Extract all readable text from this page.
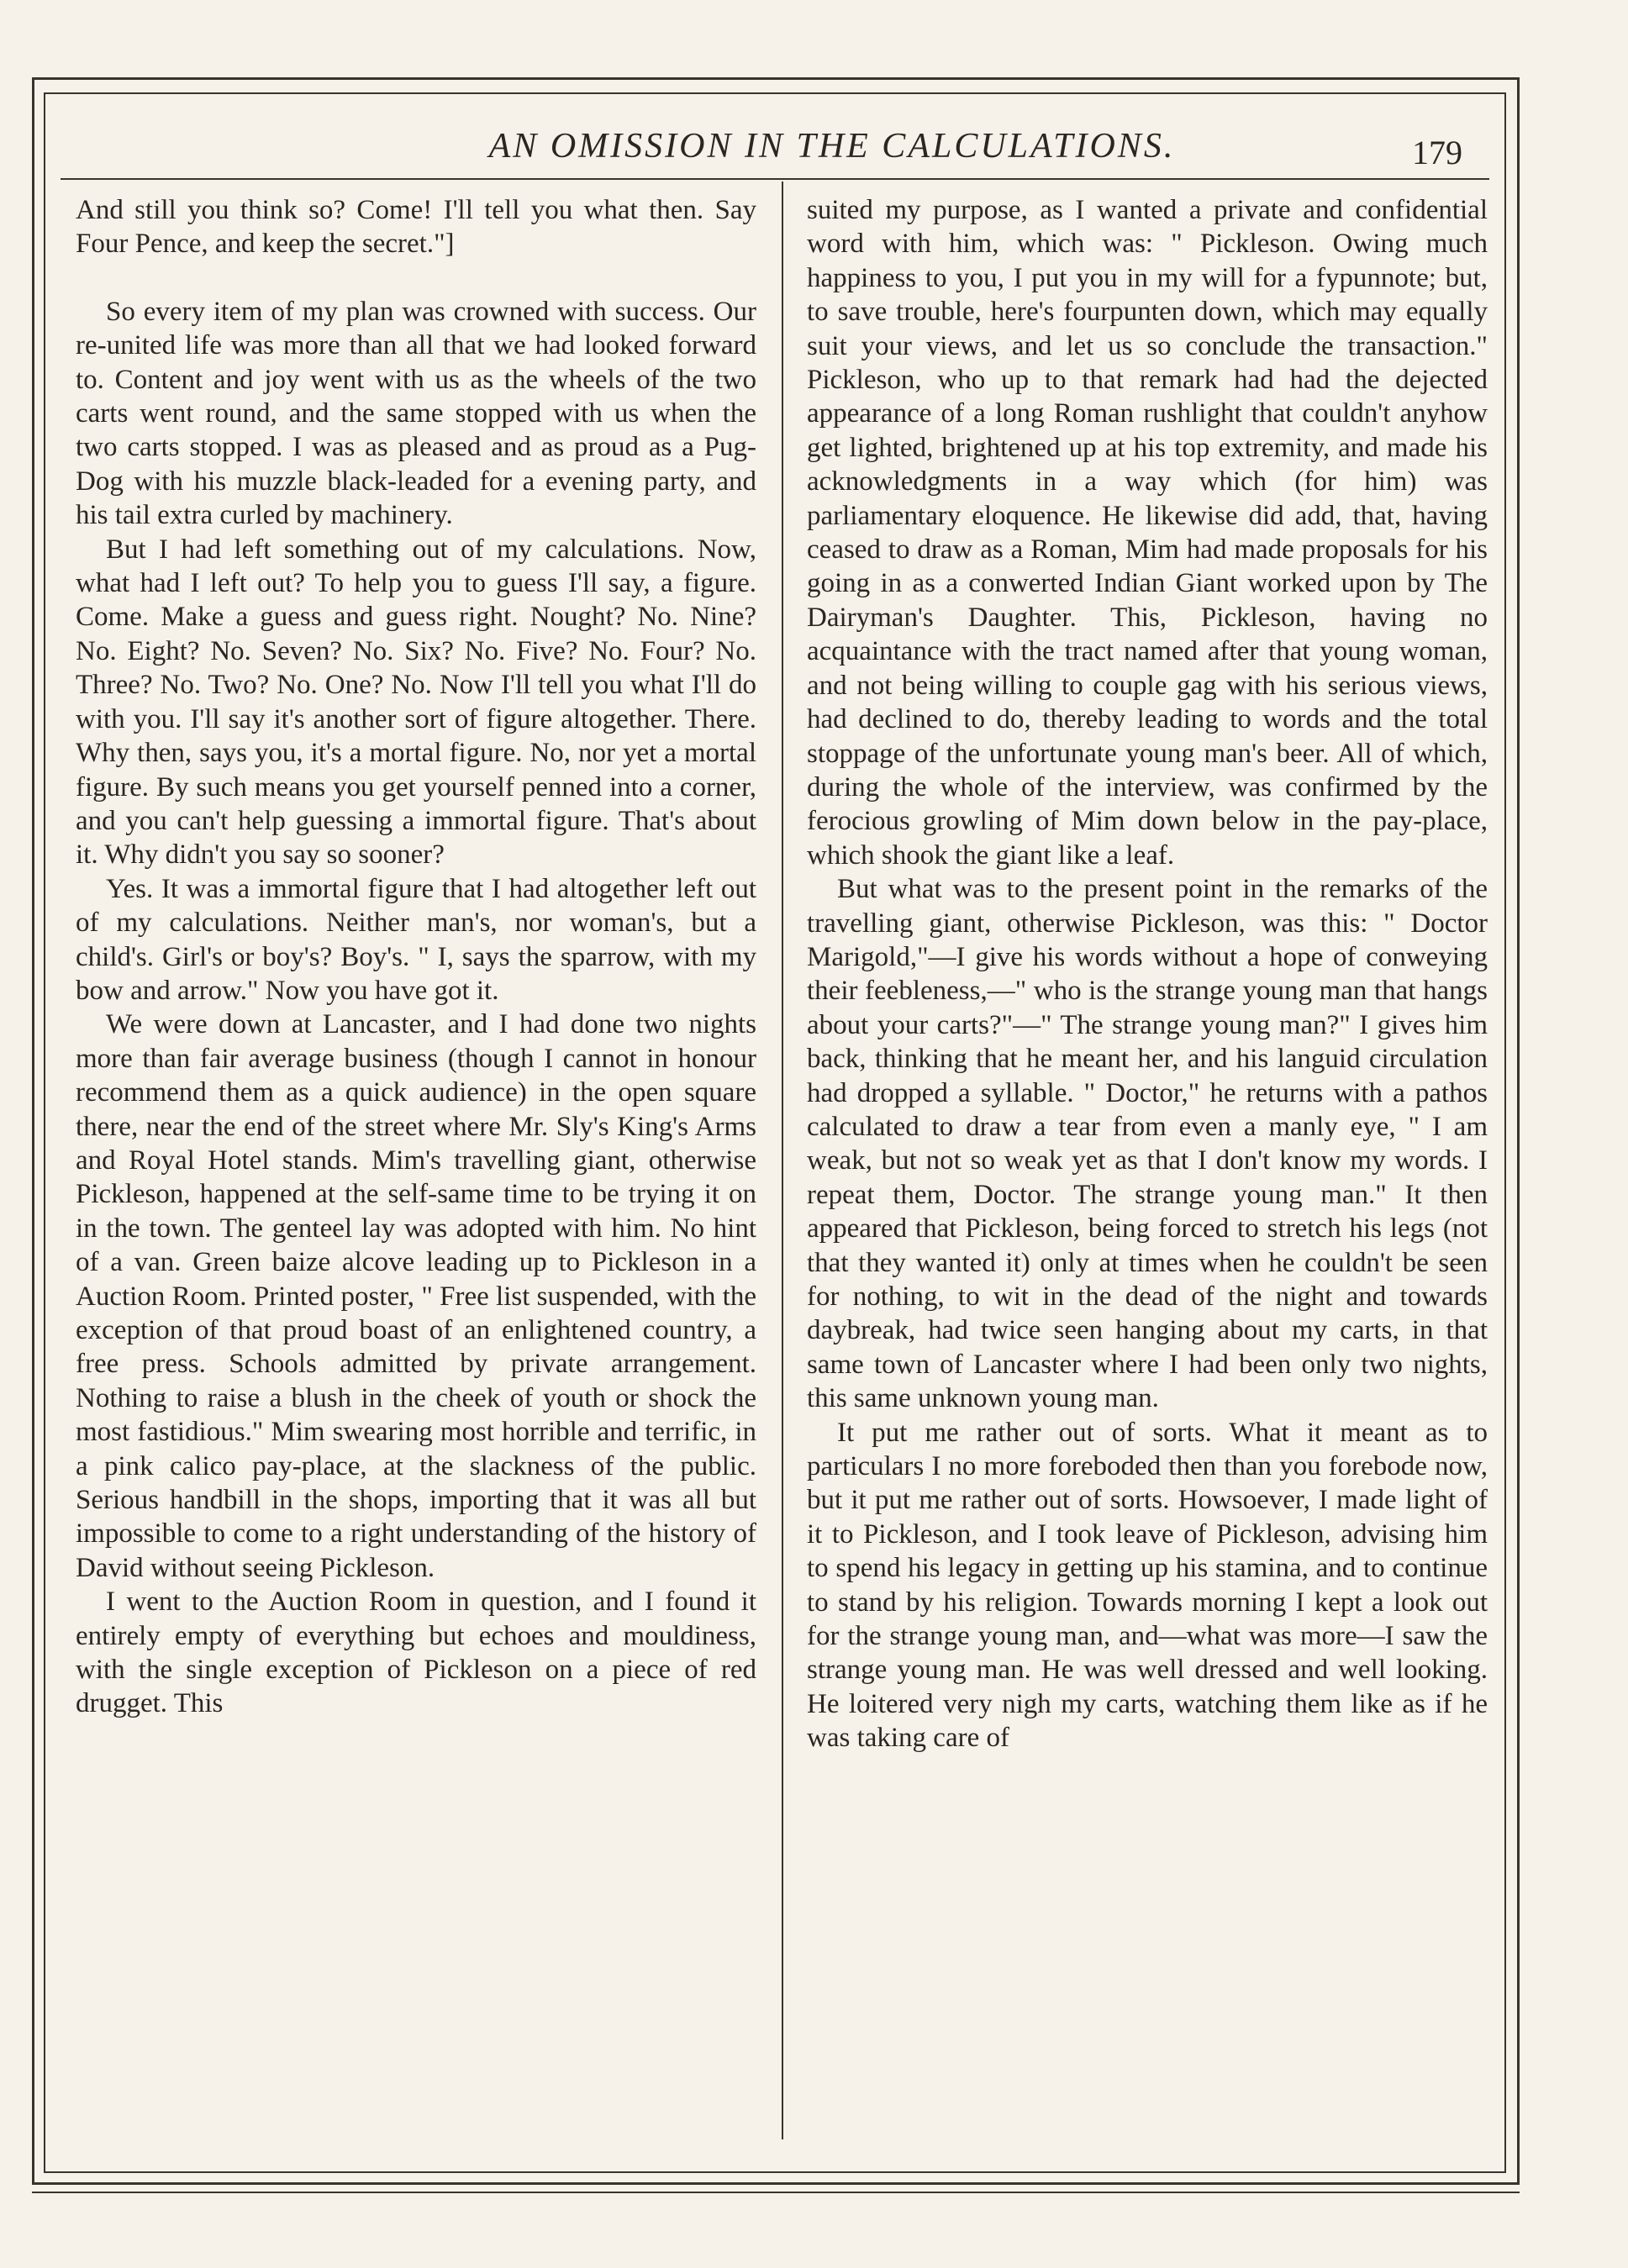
AN OMISSION IN THE CALCULATIONS.	179

And still you think so? Come! I'll tell you what then. Say Four Pence, and keep the secret."]

So every item of my plan was crowned with success. Our re-united life was more than all that we had looked forward to. Content and joy went with us as the wheels of the two carts went round, and the same stopped with us when the two carts stopped. I was as pleased and as proud as a Pug-Dog with his muzzle black-leaded for a evening party, and his tail extra curled by machinery.

But I had left something out of my calculations. Now, what had I left out? To help you to guess I'll say, a figure. Come. Make a guess and guess right. Nought? No. Nine? No. Eight? No. Seven? No. Six? No. Five? No. Four? No. Three? No. Two? No. One? No. Now I'll tell you what I'll do with you. I'll say it's another sort of figure altogether. There. Why then, says you, it's a mortal figure. No, nor yet a mortal figure. By such means you get yourself penned into a corner, and you can't help guessing a immortal figure. That's about it. Why didn't you say so sooner?

Yes. It was a immortal figure that I had altogether left out of my calculations. Neither man's, nor woman's, but a child's. Girl's or boy's? Boy's. " I, says the sparrow, with my bow and arrow." Now you have got it.

We were down at Lancaster, and I had done two nights more than fair average business (though I cannot in honour recommend them as a quick audience) in the open square there, near the end of the street where Mr. Sly's King's Arms and Royal Hotel stands. Mim's travelling giant, otherwise Pickleson, happened at the self-same time to be trying it on in the town. The genteel lay was adopted with him. No hint of a van. Green baize alcove leading up to Pickleson in a Auction Room. Printed poster, " Free list suspended, with the exception of that proud boast of an enlightened country, a free press. Schools admitted by private arrangement. Nothing to raise a blush in the cheek of youth or shock the most fastidious." Mim swearing most horrible and terrific, in a pink calico pay-place, at the slackness of the public. Serious handbill in the shops, importing that it was all but impossible to come to a right understanding of the history of David without seeing Pickleson.

I went to the Auction Room in question, and I found it entirely empty of everything but echoes and mouldiness, with the single exception of Pickleson on a piece of red drugget. This

suited my purpose, as I wanted a private and confidential word with him, which was: " Pickleson. Owing much happiness to you, I put you in my will for a fypunnote; but, to save trouble, here's fourpunten down, which may equally suit your views, and let us so conclude the transaction." Pickleson, who up to that remark had had the dejected appearance of a long Roman rushlight that couldn't anyhow get lighted, brightened up at his top extremity, and made his acknowledgments in a way which (for him) was parliamentary eloquence. He likewise did add, that, having ceased to draw as a Roman, Mim had made proposals for his going in as a conwerted Indian Giant worked upon by The Dairyman's Daughter. This, Pickleson, having no acquaintance with the tract named after that young woman, and not being willing to couple gag with his serious views, had declined to do, thereby leading to words and the total stoppage of the unfortunate young man's beer. All of which, during the whole of the interview, was confirmed by the ferocious growling of Mim down below in the pay-place, which shook the giant like a leaf.

But what was to the present point in the remarks of the travelling giant, otherwise Pickleson, was this: " Doctor Marigold,"—I give his words without a hope of conweying their feebleness,—" who is the strange young man that hangs about your carts?"—" The strange young man?" I gives him back, thinking that he meant her, and his languid circulation had dropped a syllable. " Doctor," he returns with a pathos calculated to draw a tear from even a manly eye, " I am weak, but not so weak yet as that I don't know my words. I repeat them, Doctor. The strange young man." It then appeared that Pickleson, being forced to stretch his legs (not that they wanted it) only at times when he couldn't be seen for nothing, to wit in the dead of the night and towards daybreak, had twice seen hanging about my carts, in that same town of Lancaster where I had been only two nights, this same unknown young man.

It put me rather out of sorts. What it meant as to particulars I no more foreboded then than you forebode now, but it put me rather out of sorts. Howsoever, I made light of it to Pickleson, and I took leave of Pickleson, advising him to spend his legacy in getting up his stamina, and to continue to stand by his religion. Towards morning I kept a look out for the strange young man, and—what was more—I saw the strange young man. He was well dressed and well looking. He loitered very nigh my carts, watching them like as if he was taking care of
